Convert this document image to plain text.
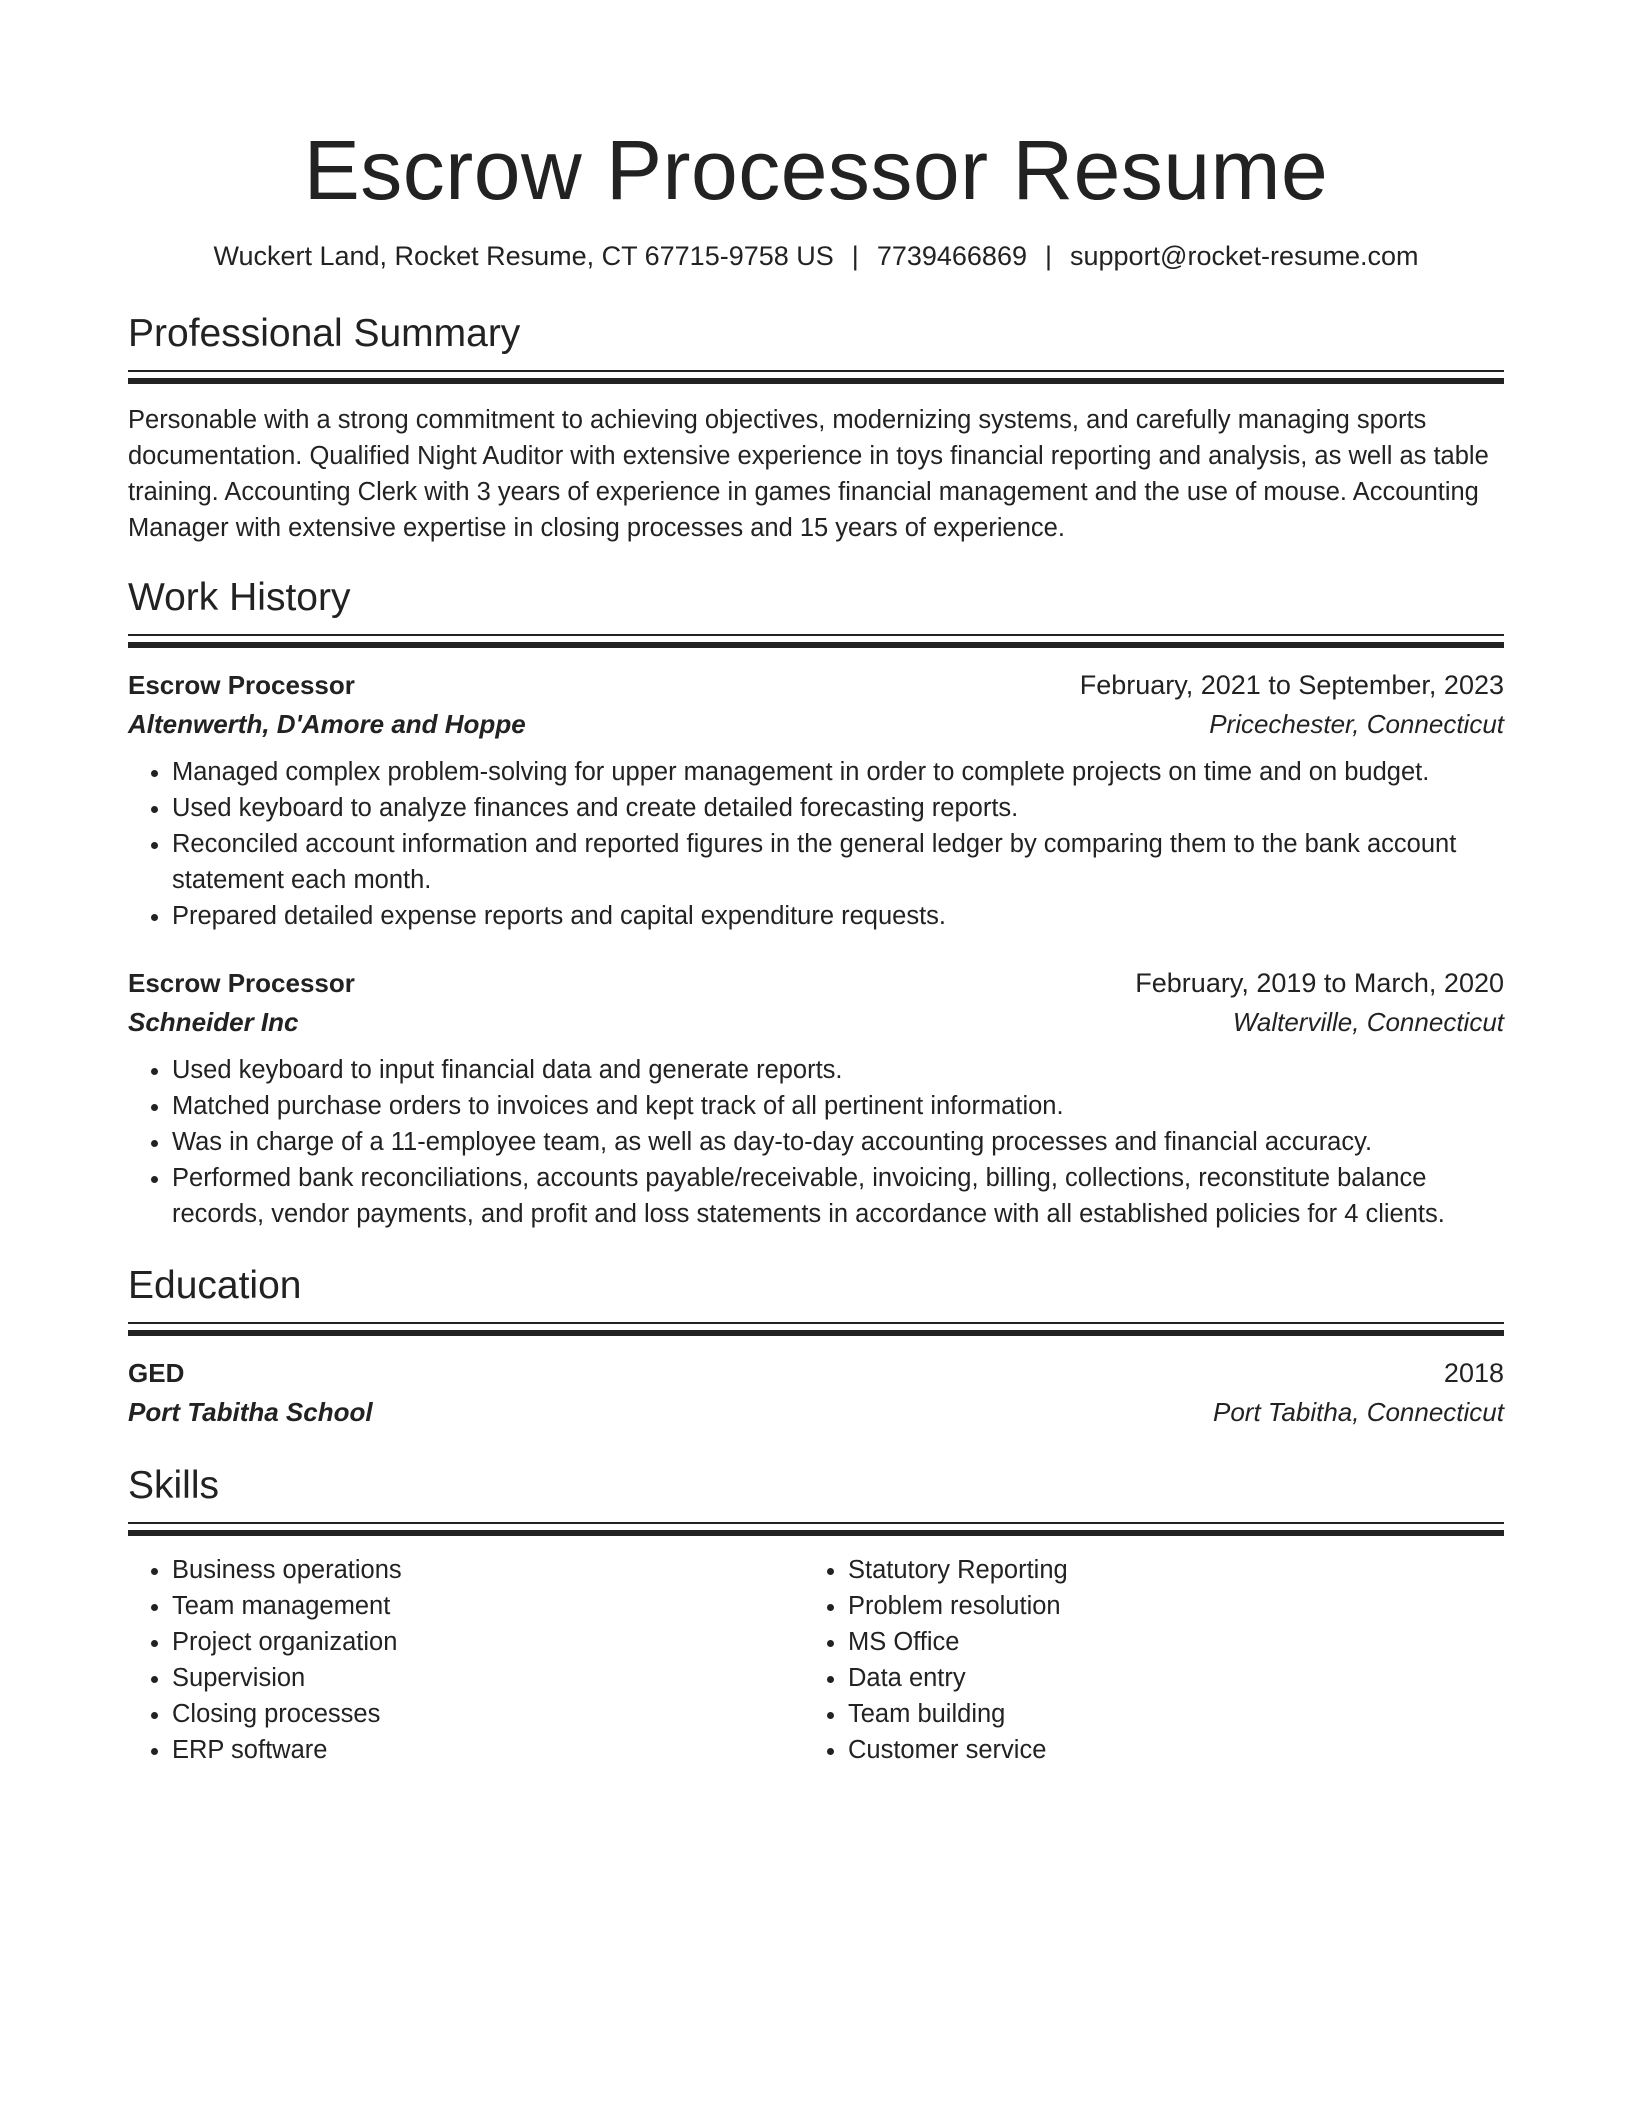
Escrow Processor Resume
Wuckert Land, Rocket Resume, CT 67715-9758 US | 7739466869 | support@rocket-resume.com
Professional Summary
Personable with a strong commitment to achieving objectives, modernizing systems, and carefully managing sports documentation. Qualified Night Auditor with extensive experience in toys financial reporting and analysis, as well as table training. Accounting Clerk with 3 years of experience in games financial management and the use of mouse. Accounting Manager with extensive expertise in closing processes and 15 years of experience.
Work History
Escrow Processor	February, 2021 to September, 2023
Altenwerth, D'Amore and Hoppe	Pricechester, Connecticut
• Managed complex problem-solving for upper management in order to complete projects on time and on budget.
• Used keyboard to analyze finances and create detailed forecasting reports.
• Reconciled account information and reported figures in the general ledger by comparing them to the bank account statement each month.
• Prepared detailed expense reports and capital expenditure requests.
Escrow Processor	February, 2019 to March, 2020
Schneider Inc	Walterville, Connecticut
• Used keyboard to input financial data and generate reports.
• Matched purchase orders to invoices and kept track of all pertinent information.
• Was in charge of a 11-employee team, as well as day-to-day accounting processes and financial accuracy.
• Performed bank reconciliations, accounts payable/receivable, invoicing, billing, collections, reconstitute balance records, vendor payments, and profit and loss statements in accordance with all established policies for 4 clients.
Education
GED	2018
Port Tabitha School	Port Tabitha, Connecticut
Skills
• Business operations
• Team management
• Project organization
• Supervision
• Closing processes
• ERP software
• Statutory Reporting
• Problem resolution
• MS Office
• Data entry
• Team building
• Customer service
